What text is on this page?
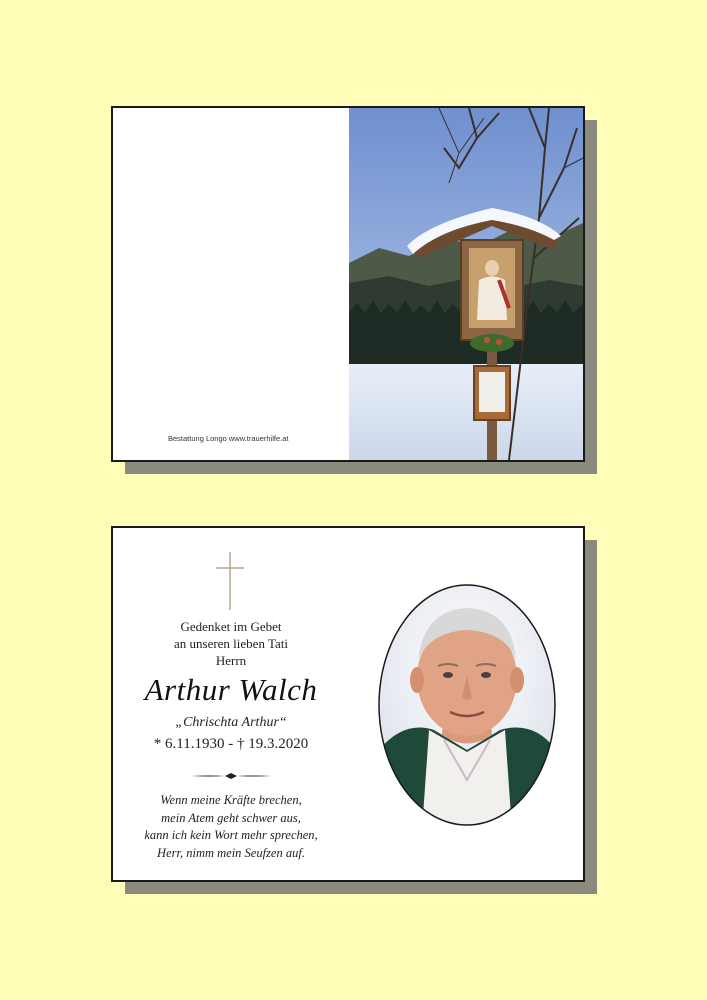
Bestattung Longo www.trauerhilfe.at
Gedenket im Gebet
an unseren lieben Tati
Herrn
Arthur Walch
„Chrischta Arthur“
* 6.11.1930 - † 19.3.2020
Wenn meine Kräfte brechen,
mein Atem geht schwer aus,
kann ich kein Wort mehr sprechen,
Herr, nimm mein Seufzen auf.
